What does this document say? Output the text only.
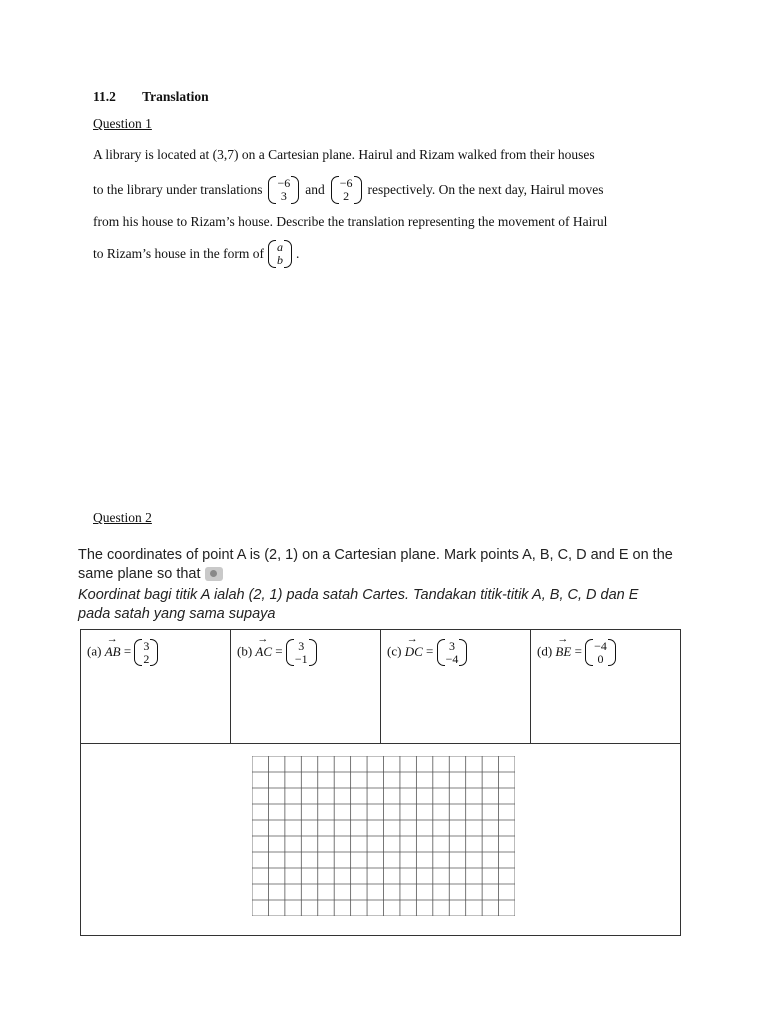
11.2 Translation
Question 1
A library is located at (3,7) on a Cartesian plane. Hairul and Rizam walked from their houses
to the library under translations	−6
3	and	−6
2	respectively. On the next day, Hairul moves
from his house to Rizam’s house. Describe the translation representing the movement of Hairul
to Rizam’s house in the form of	a
b .
Question 2
The coordinates of point A is (2, 1) on a Cartesian plane. Mark points A, B, C, D and E on the
same plane so that
Koordinat bagi titik A ialah (2, 1) pada satah Cartes. Tandakan titik-titik A, B, C, D dan E
pada satah yang sama supaya
(a) → AB =	3
2
(b) → AC =	3
−1
(c) → DC =	3
−4
(d) → BE =	−4
0
